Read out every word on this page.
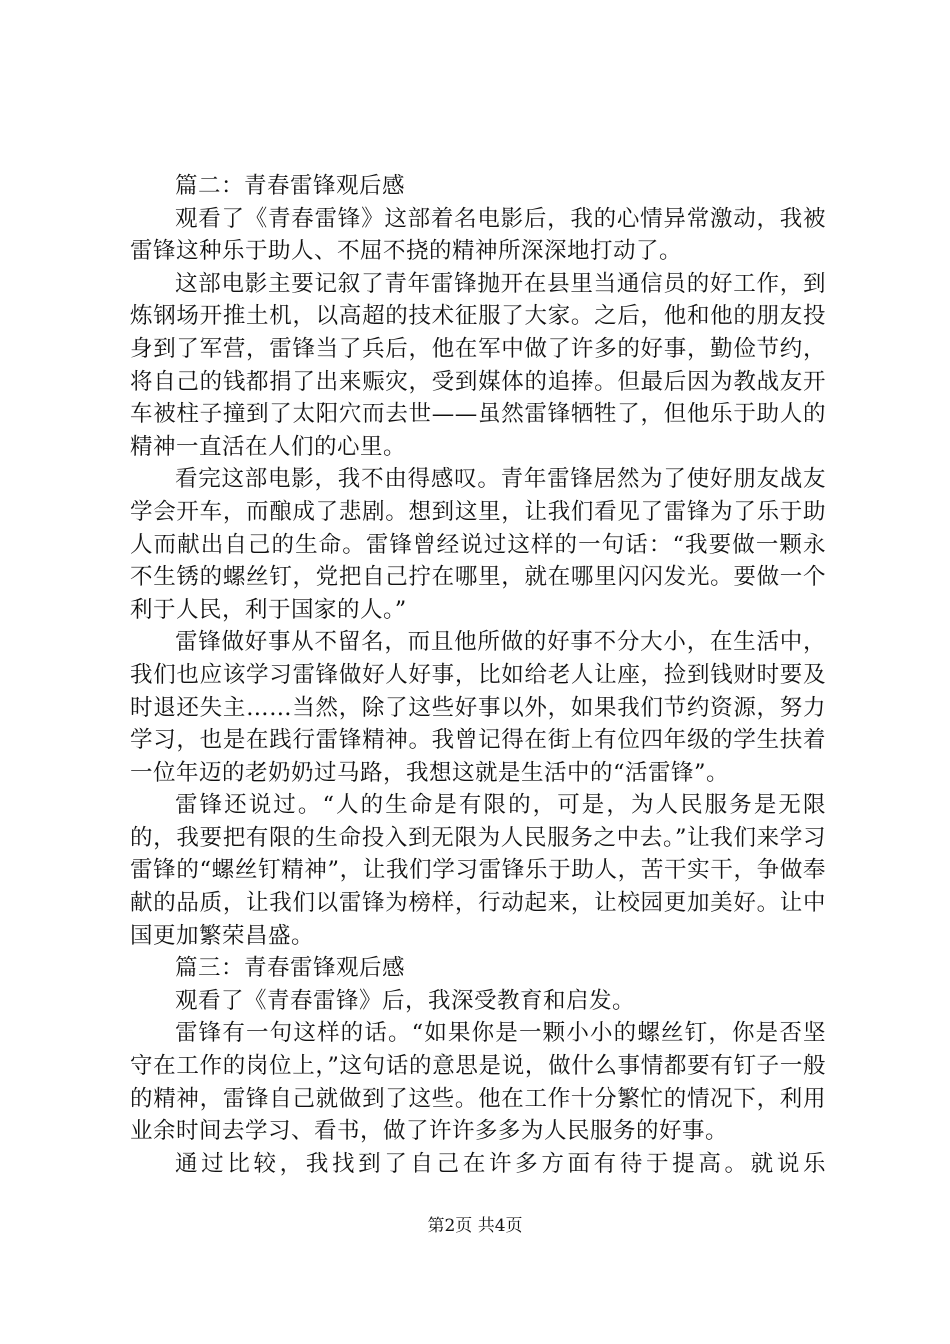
篇二：青春雷锋观后感

观看了《青春雷锋》这部着名电影后，我的心情异常激动，我被雷锋这种乐于助人、不屈不挠的精神所深深地打动了。

这部电影主要记叙了青年雷锋抛开在县里当通信员的好工作，到炼钢场开推土机，以高超的技术征服了大家。之后，他和他的朋友投身到了军营，雷锋当了兵后，他在军中做了许多的好事，勤俭节约，将自己的钱都捐了出来赈灾，受到媒体的追捧。但最后因为教战友开车被柱子撞到了太阳穴而去世——虽然雷锋牺牲了，但他乐于助人的精神一直活在人们的心里。

看完这部电影，我不由得感叹。青年雷锋居然为了使好朋友战友学会开车，而酿成了悲剧。想到这里，让我们看见了雷锋为了乐于助人而献出自己的生命。雷锋曾经说过这样的一句话：“我要做一颗永不生锈的螺丝钉，党把自己拧在哪里，就在哪里闪闪发光。要做一个利于人民，利于国家的人。”

雷锋做好事从不留名，而且他所做的好事不分大小，在生活中，我们也应该学习雷锋做好人好事，比如给老人让座，捡到钱财时要及时退还失主……当然，除了这些好事以外，如果我们节约资源，努力学习，也是在践行雷锋精神。我曾记得在街上有位四年级的学生扶着一位年迈的老奶奶过马路，我想这就是生活中的“活雷锋”。

雷锋还说过。“人的生命是有限的，可是，为人民服务是无限的，我要把有限的生命投入到无限为人民服务之中去。”让我们来学习雷锋的“螺丝钉精神”，让我们学习雷锋乐于助人，苦干实干，争做奉献的品质，让我们以雷锋为榜样，行动起来，让校园更加美好。让中国更加繁荣昌盛。

篇三：青春雷锋观后感

观看了《青春雷锋》后，我深受教育和启发。

雷锋有一句这样的话。“如果你是一颗小小的螺丝钉，你是否坚守在工作的岗位上，”这句话的意思是说，做什么事情都要有钉子一般的精神，雷锋自己就做到了这些。他在工作十分繁忙的情况下，利用业余时间去学习、看书，做了许许多多为人民服务的好事。

通过比较，我找到了自己在许多方面有待于提高。就说乐

第2页 共4页
